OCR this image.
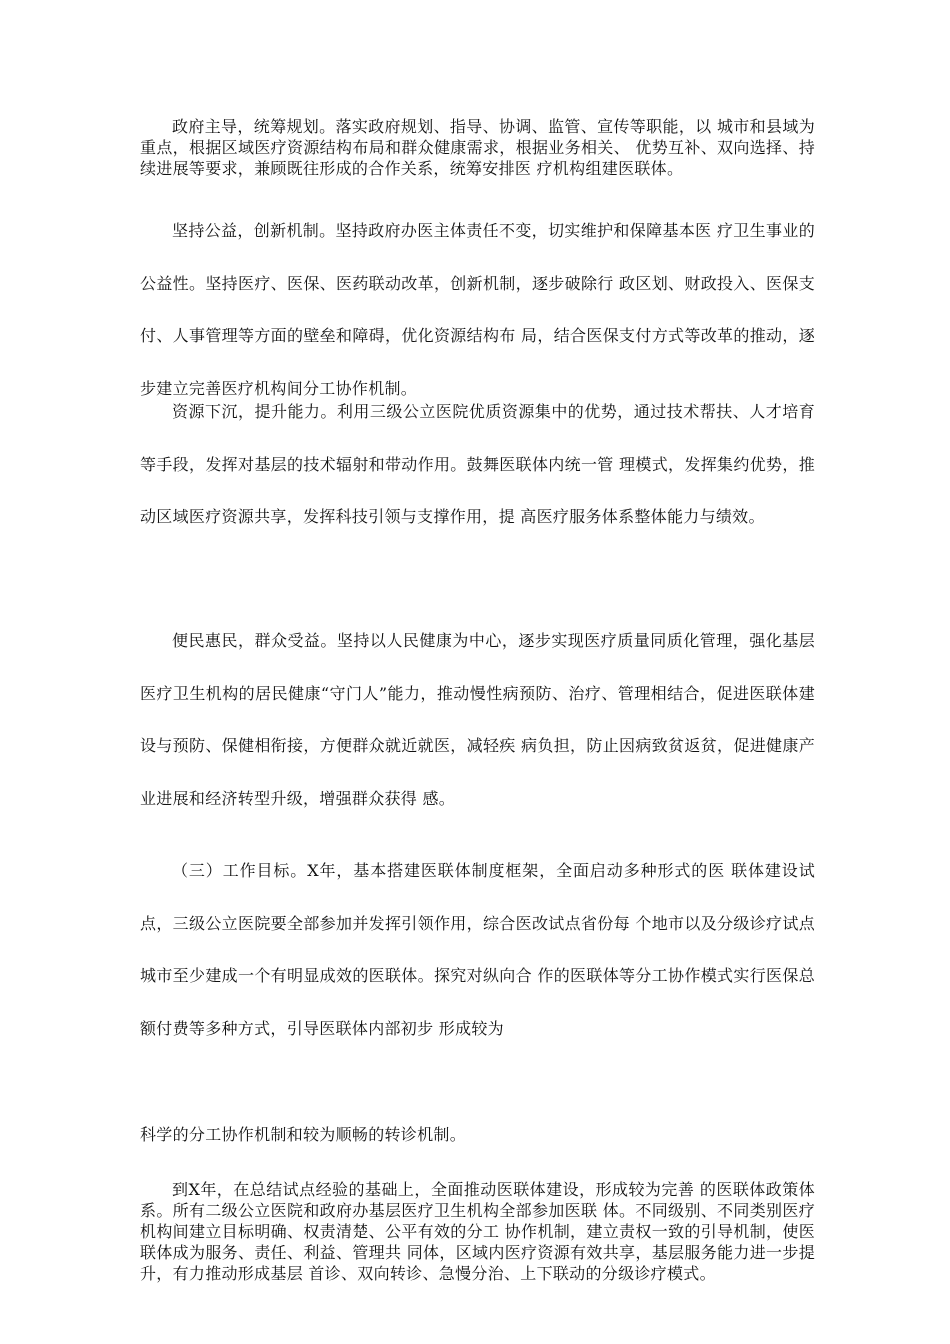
政府主导，统筹规划。落实政府规划、指导、协调、监管、宣传等职能，以 城市和县域为重点，根据区域医疗资源结构布局和群众健康需求，根据业务相关、 优势互补、双向选择、持续进展等要求，兼顾既往形成的合作关系，统筹安排医 疗机构组建医联体。

坚持公益，创新机制。坚持政府办医主体责任不变，切实维护和保障基本医 疗卫生事业的公益性。坚持医疗、医保、医药联动改革，创新机制，逐步破除行 政区划、财政投入、医保支付、人事管理等方面的壁垒和障碍，优化资源结构布 局，结合医保支付方式等改革的推动，逐步建立完善医疗机构间分工协作机制。

资源下沉，提升能力。利用三级公立医院优质资源集中的优势，通过技术帮扶、人才培育等手段，发挥对基层的技术辐射和带动作用。鼓舞医联体内统一管 理模式，发挥集约优势，推动区域医疗资源共享，发挥科技引领与支撑作用，提 高医疗服务体系整体能力与绩效。

便民惠民，群众受益。坚持以人民健康为中心，逐步实现医疗质量同质化管理，强化基层医疗卫生机构的居民健康“守门人”能力，推动慢性病预防、治疗、管理相结合，促进医联体建设与预防、保健相衔接，方便群众就近就医，减轻疾 病负担，防止因病致贫返贫，促进健康产业进展和经济转型升级，增强群众获得 感。

（三）工作目标。X年，基本搭建医联体制度框架，全面启动多种形式的医 联体建设试点，三级公立医院要全部参加并发挥引领作用，综合医改试点省份每 个地市以及分级诊疗试点城市至少建成一个有明显成效的医联体。探究对纵向合 作的医联体等分工协作模式实行医保总额付费等多种方式，引导医联体内部初步 形成较为

科学的分工协作机制和较为顺畅的转诊机制。

到X年，在总结试点经验的基础上，全面推动医联体建设，形成较为完善 的医联体政策体系。所有二级公立医院和政府办基层医疗卫生机构全部参加医联 体。不同级别、不同类别医疗机构间建立目标明确、权责清楚、公平有效的分工 协作机制，建立责权一致的引导机制，使医联体成为服务、责任、利益、管理共 同体，区域内医疗资源有效共享，基层服务能力进一步提升，有力推动形成基层 首诊、双向转诊、急慢分治、上下联动的分级诊疗模式。
